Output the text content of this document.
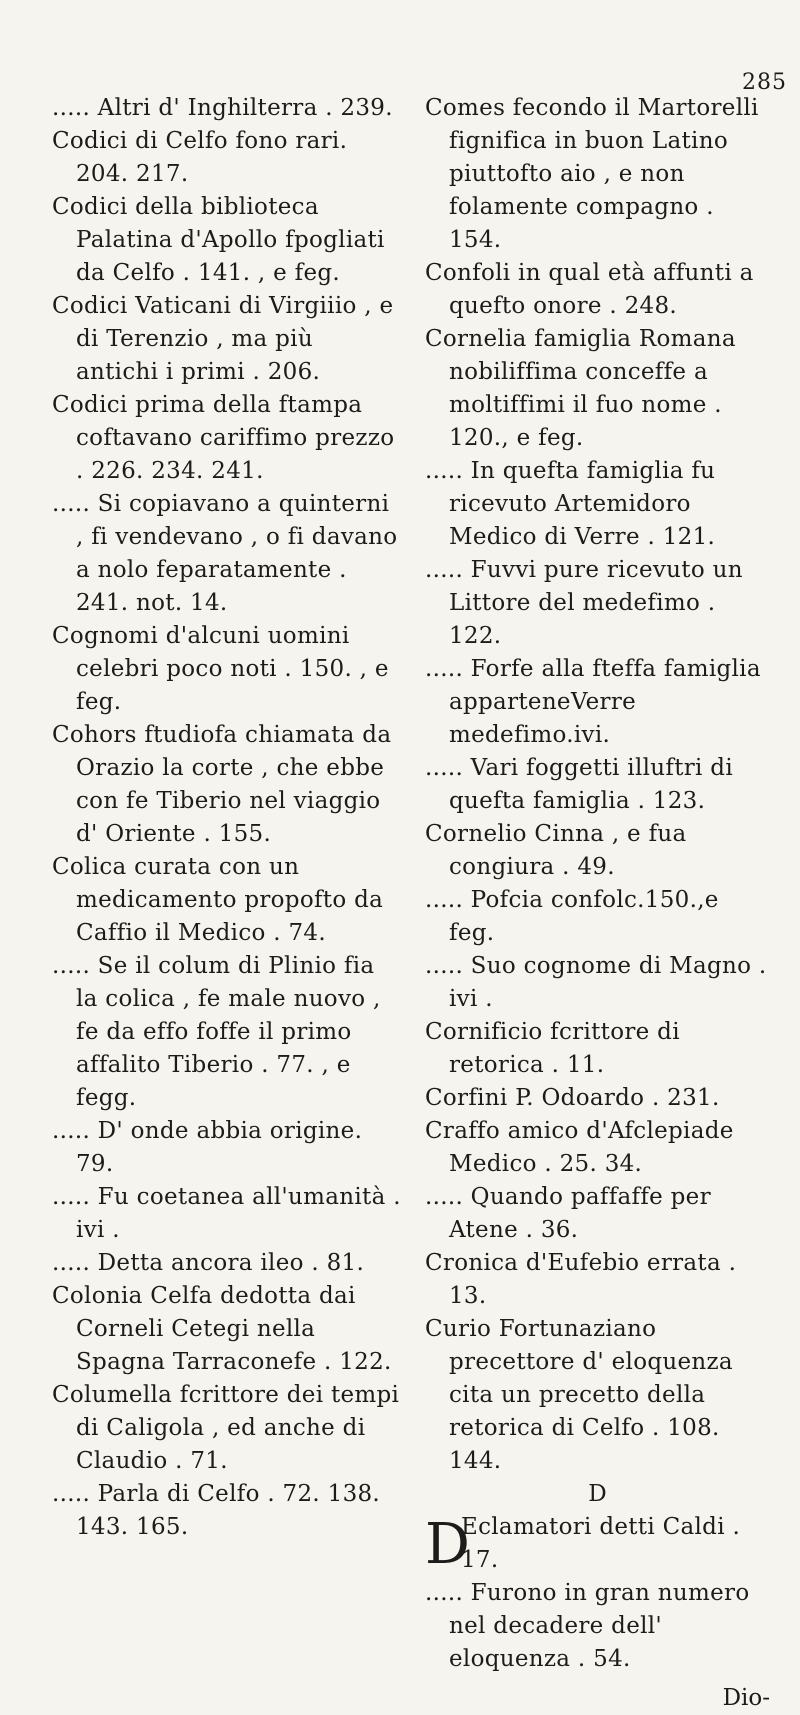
285

..... Altri d' Inghilterra . 239.

Codici di Celfo fono rari. 204. 217.

Codici della biblioteca Palatina d'Apollo fpogliati da Celfo . 141. , e feg.

Codici Vaticani di Virgiiio , e di Terenzio , ma più antichi i primi . 206.

Codici prima della ftampa coftavano cariffimo prezzo . 226. 234. 241.

..... Si copiavano a quinterni , fi vendevano , o fi davano a nolo feparatamente . 241. not. 14.

Cognomi d'alcuni uomini celebri poco noti . 150. , e feg.

Cohors ftudiofa chiamata da Orazio la corte , che ebbe con fe Tiberio nel viaggio d' Oriente . 155.

Colica curata con un medicamento propofto da Caffio il Medico . 74.

..... Se il colum di Plinio fia la colica , fe male nuovo , fe da effo foffe il primo affalito Tiberio . 77. , e fegg.

..... D' onde abbia origine. 79.

..... Fu coetanea all'umanità . ivi .

..... Detta ancora ileo . 81.

Colonia Celfa dedotta dai Corneli Cetegi nella Spagna Tarraconefe . 122.

Columella fcrittore dei tempi di Caligola , ed anche di Claudio . 71.

..... Parla di Celfo . 72. 138. 143. 165.

Comes fecondo il Martorelli fignifica in buon Latino piuttofto aio , e non folamente compagno . 154.

Confoli in qual età affunti a quefto onore . 248.

Cornelia famiglia Romana nobiliffima conceffe a moltiffimi il fuo nome . 120., e feg.

..... In quefta famiglia fu ricevuto Artemidoro Medico di Verre . 121.

..... Fuvvi pure ricevuto un Littore del medefimo . 122.

..... Forfe alla fteffa famiglia apparteneVerre medefimo.ivi.

..... Vari foggetti illuftri di quefta famiglia . 123.

Cornelio Cinna , e fua congiura . 49.

..... Pofcia confolc.150.,e feg.

..... Suo cognome di Magno . ivi .

Cornificio fcrittore di retorica . 11.

Corfini P. Odoardo . 231.

Craffo amico d'Afclepiade Medico . 25. 34.

..... Quando paffaffe per Atene . 36.

Cronica d'Eufebio errata . 13.

Curio Fortunaziano precettore d' eloquenza cita un precetto della retorica di Celfo . 108. 144.

D

D
Eclamatori detti Caldi . 17.

..... Furono in gran numero nel decadere dell' eloquenza . 54.

Dio-
